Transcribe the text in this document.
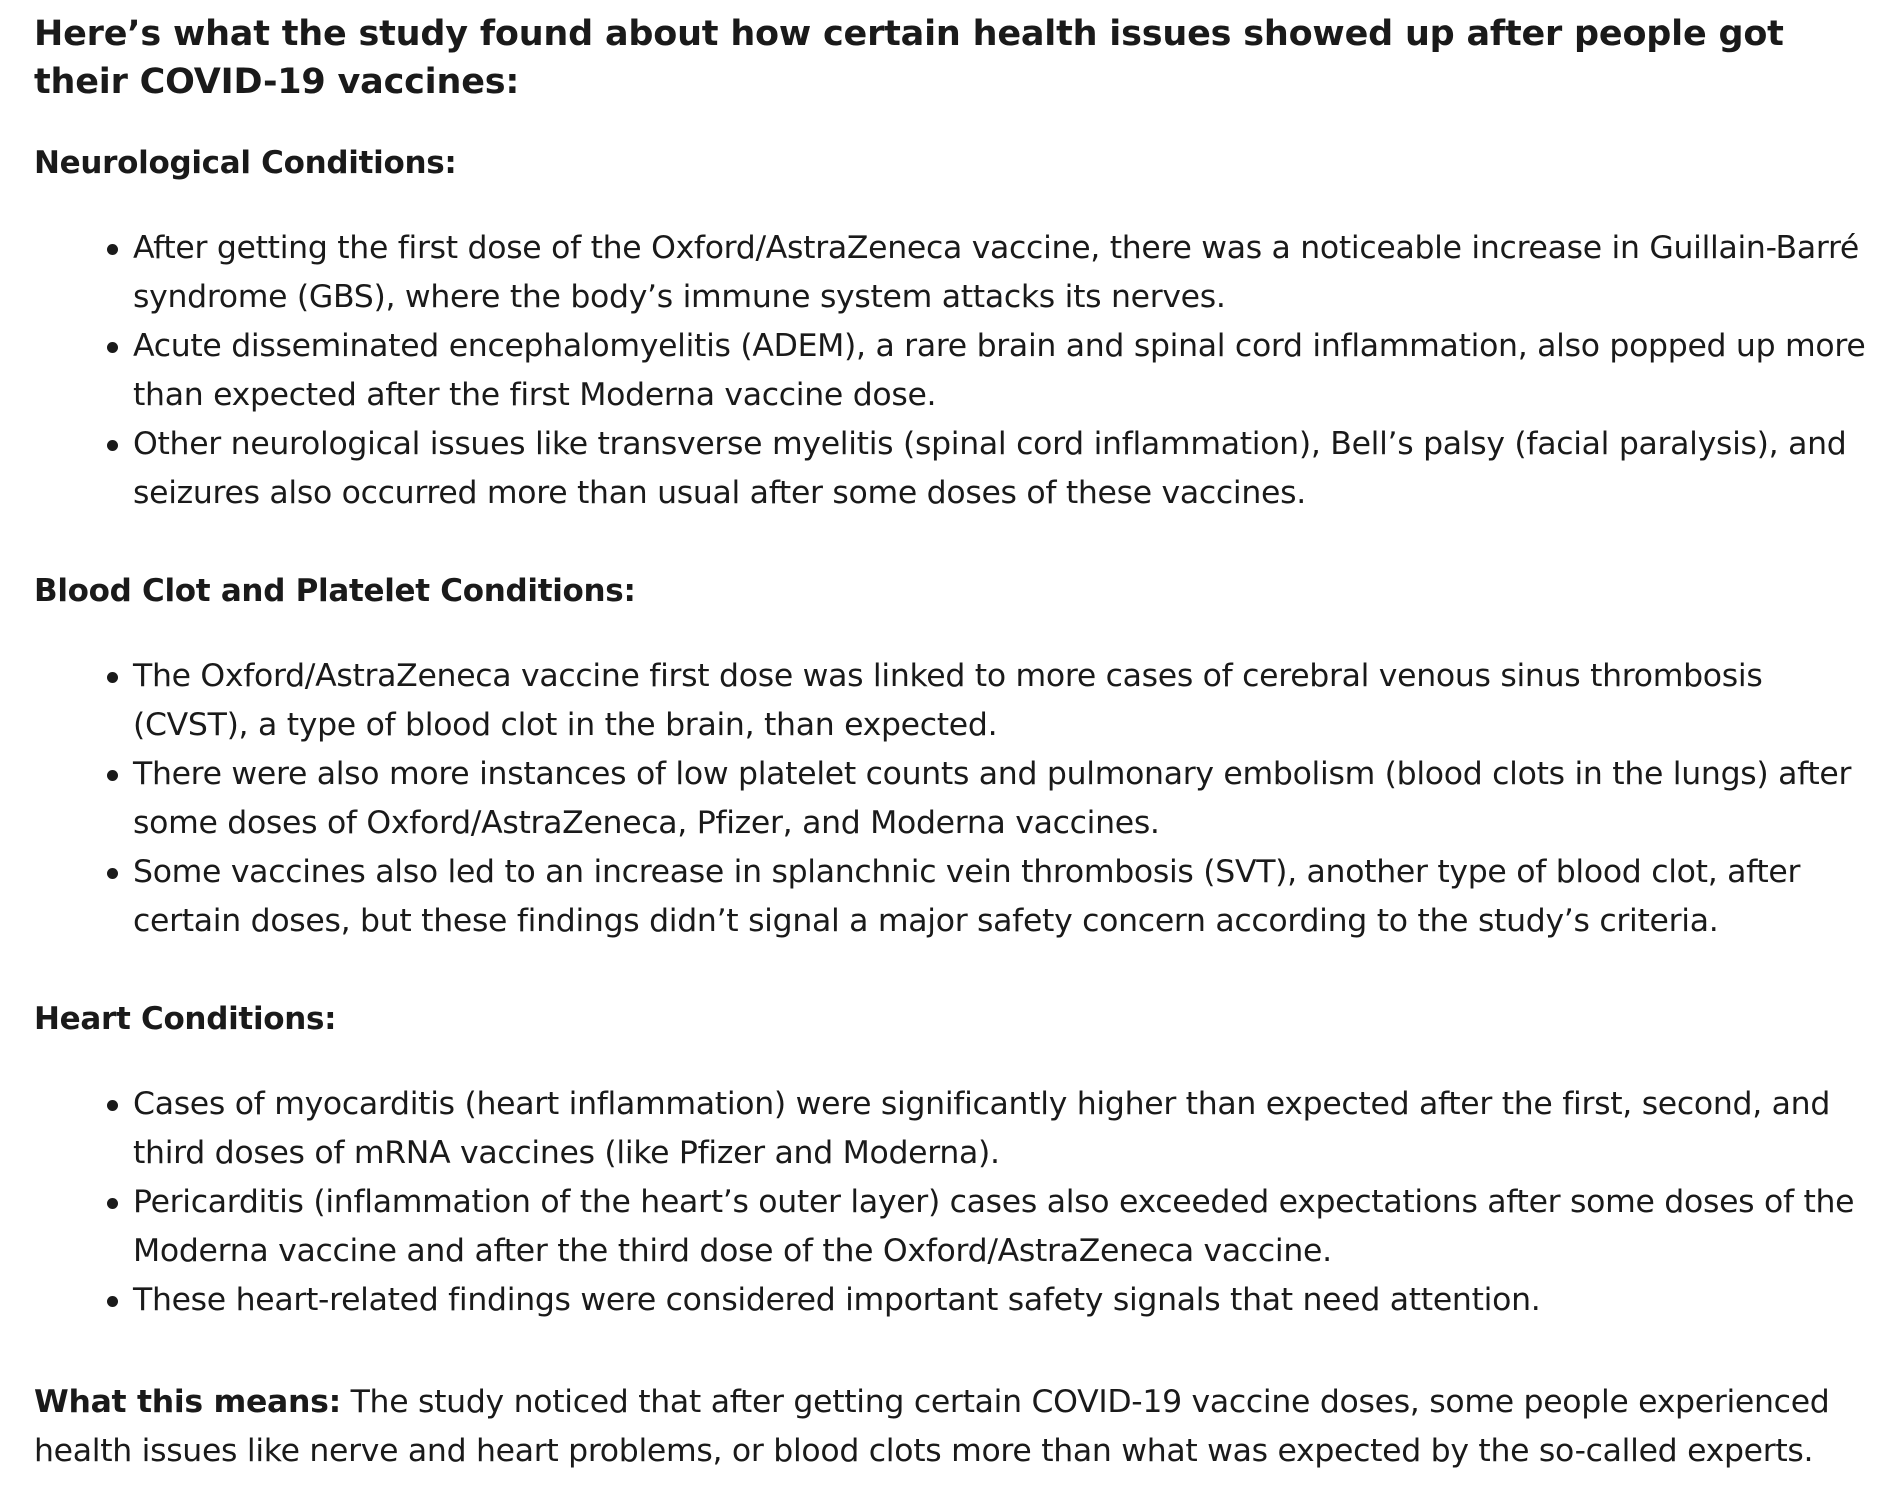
Here’s what the study found about how certain health issues showed up after people got their COVID-19 vaccines:

Neurological Conditions:
After getting the first dose of the Oxford/AstraZeneca vaccine, there was a noticeable increase in Guillain-Barré syndrome (GBS), where the body’s immune system attacks its nerves.
Acute disseminated encephalomyelitis (ADEM), a rare brain and spinal cord inflammation, also popped up more than expected after the first Moderna vaccine dose.
Other neurological issues like transverse myelitis (spinal cord inflammation), Bell’s palsy (facial paralysis), and seizures also occurred more than usual after some doses of these vaccines.
Blood Clot and Platelet Conditions:
The Oxford/AstraZeneca vaccine first dose was linked to more cases of cerebral venous sinus thrombosis (CVST), a type of blood clot in the brain, than expected.
There were also more instances of low platelet counts and pulmonary embolism (blood clots in the lungs) after some doses of Oxford/AstraZeneca, Pfizer, and Moderna vaccines.
Some vaccines also led to an increase in splanchnic vein thrombosis (SVT), another type of blood clot, after certain doses, but these findings didn’t signal a major safety concern according to the study’s criteria.
Heart Conditions:
Cases of myocarditis (heart inflammation) were significantly higher than expected after the first, second, and third doses of mRNA vaccines (like Pfizer and Moderna).
Pericarditis (inflammation of the heart’s outer layer) cases also exceeded expectations after some doses of the Moderna vaccine and after the third dose of the Oxford/AstraZeneca vaccine.
These heart-related findings were considered important safety signals that need attention.

What this means: The study noticed that after getting certain COVID-19 vaccine doses, some people experienced health issues like nerve and heart problems, or blood clots more than what was expected by the so-called experts.
